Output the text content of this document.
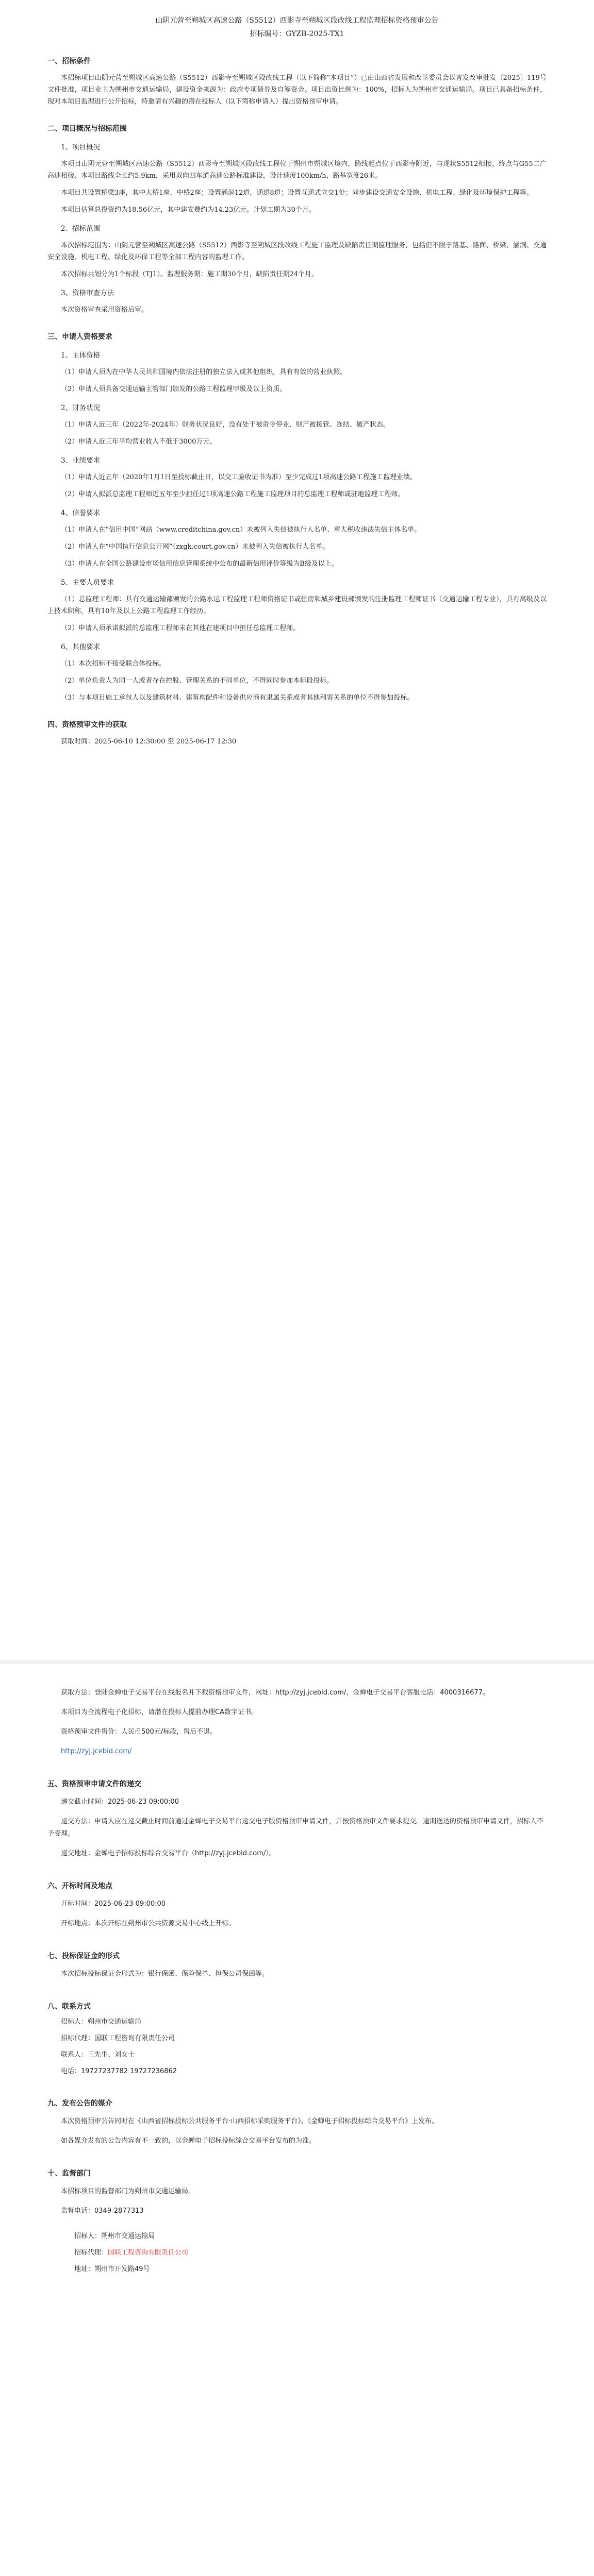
山阴元营至朔城区高速公路（S5512）西影寺至朔城区段改线工程监理招标资格预审公告
招标编号：GYZB-2025-TX1
一、招标条件

本招标项目山阴元营至朔城区高速公路（S5512）西影寺至朔城区段改线工程（以下简称“本项目”）已由山西省发展和改革委员会以晋发改审批发〔2025〕119号文件批准，项目业主为朔州市交通运输局，建设资金来源为：政府专项债券及自筹资金。项目出资比例为：100%，招标人为朔州市交通运输局。项目已具备招标条件，现对本项目监理进行公开招标，特邀请有兴趣的潜在投标人（以下简称申请人）提出资格预审申请。

二、项目概况与招标范围
1、项目概况

本项目山阴元营至朔城区高速公路（S5512）西影寺至朔城区段改线工程位于朔州市朔城区境内，路线起点位于西影寺附近，与现状S5512相接，终点与G55二广高速相接。本项目路线全长约5.9km，采用双向四车道高速公路标准建设，设计速度100km/h，路基宽度26米。

本项目共设置桥梁3座，其中大桥1座，中桥2座；设置涵洞12道，通道8道；设置互通式立交1处；同步建设交通安全设施、机电工程、绿化及环境保护工程等。

本项目估算总投资约为18.56亿元，其中建安费约为14.23亿元。计划工期为30个月。

2、招标范围

本次招标范围为：山阴元营至朔城区高速公路（S5512）西影寺至朔城区段改线工程施工监理及缺陷责任期监理服务，包括但不限于路基、路面、桥梁、涵洞、交通安全设施、机电工程、绿化及环保工程等全部工程内容的监理工作。

本次招标共划分为1个标段（TJ1）。监理服务期：施工期30个月，缺陷责任期24个月。

3、资格审查方法

本次资格审查采用资格后审。

三、申请人资格要求
1、主体资格

（1）申请人须为在中华人民共和国境内依法注册的独立法人或其他组织，具有有效的营业执照。

（2）申请人须具备交通运输主管部门颁发的公路工程监理甲级及以上资质。

2、财务状况

（1）申请人近三年（2022年-2024年）财务状况良好，没有处于被责令停业、财产被接管、冻结、破产状态。

（2）申请人近三年平均营业收入不低于3000万元。

3、业绩要求

（1）申请人近五年（2020年1月1日至投标截止日，以交工验收证书为准）至少完成过1项高速公路工程施工监理业绩。

（2）申请人拟派总监理工程师近五年至少担任过1项高速公路工程施工监理项目的总监理工程师或驻地监理工程师。

4、信誉要求

（1）申请人在“信用中国”网站（www.creditchina.gov.cn）未被列入失信被执行人名单、重大税收违法失信主体名单。

（2）申请人在“中国执行信息公开网”（zxgk.court.gov.cn）未被列入失信被执行人名单。

（3）申请人在全国公路建设市场信用信息管理系统中公布的最新信用评价等级为B级及以上。

5、主要人员要求

（1）总监理工程师：具有交通运输部颁发的公路水运工程监理工程师资格证书或住房和城乡建设部颁发的注册监理工程师证书（交通运输工程专业），具有高级及以上技术职称，具有10年及以上公路工程监理工作经历。

（2）申请人须承诺拟派的总监理工程师未在其他在建项目中担任总监理工程师。

6、其他要求

（1）本次招标不接受联合体投标。

（2）单位负责人为同一人或者存在控股、管理关系的不同单位，不得同时参加本标段投标。

（3）与本项目施工承包人以及建筑材料、建筑构配件和设备供应商有隶属关系或者其他利害关系的单位不得参加投标。

四、资格预审文件的获取

获取时间：2025-06-10 12:30:00 至 2025-06-17 12:30

获取方法：登陆金蝉电子交易平台在线报名并下载资格预审文件，网址：http://zyj.jcebid.com/，金蝉电子交易平台客服电话：4000316677。

本项目为全流程电子化招标，请潜在投标人提前办理CA数字证书。

资格预审文件售价：人民币500元/标段，售后不退。

http://zyj.jcebid.com/

五、资格预审申请文件的递交

递交截止时间：2025-06-23 09:00:00

递交方法：申请人应在递交截止时间前通过金蝉电子交易平台递交电子版资格预审申请文件，并按资格预审文件要求提交。逾期送达的资格预审申请文件，招标人不予受理。

递交地址：金蝉电子招标投标综合交易平台（http://zyj.jcebid.com/）。

六、开标时间及地点

开标时间：2025-06-23 09:00:00

开标地点：本次开标在朔州市公共资源交易中心线上开标。

七、投标保证金的形式

本次招标投标保证金形式为：银行保函、保险保单、担保公司保函等。

八、联系方式
招标人：朔州市交通运输局
招标代理：国联工程咨询有限责任公司
联系人：王先生、刘女士
电话：19727237782 19727236862
九、发布公告的媒介

本次资格预审公告同时在《山西省招标投标公共服务平台·山西招标采购服务平台》、《金蝉电子招标投标综合交易平台》上发布。

如各媒介发布的公告内容有不一致的，以金蝉电子招标投标综合交易平台发布的为准。

十、监督部门

本招标项目的监督部门为朔州市交通运输局。

监督电话：0349-2877313

招标人：朔州市交通运输局
招标代理：国联工程咨询有限责任公司
地址：朔州市开发路49号
